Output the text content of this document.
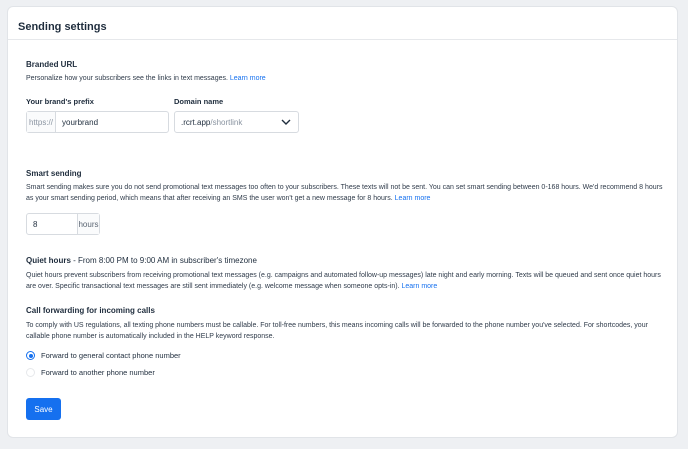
Sending settings
Branded URL
Personalize how your subscribers see the links in text messages. Learn more
Your brand's prefix
https://
yourbrand
Domain name
.rcrt.app /shortlink
Smart sending
Smart sending makes sure you do not send promotional text messages too often to your subscribers. These texts will not be sent. You can set smart sending between 0-168 hours. We'd recommend 8 hours as your smart sending period, which means that after receiving an SMS the user won't get a new message for 8 hours. Learn more
8
hours
Quiet hours - From 8:00 PM to 9:00 AM in subscriber's timezone
Quiet hours prevent subscribers from receiving promotional text messages (e.g. campaigns and automated follow-up messages) late night and early morning. Texts will be queued and sent once quiet hours are over. Specific transactional text messages are still sent immediately (e.g. welcome message when someone opts-in). Learn more
Call forwarding for incoming calls
To comply with US regulations, all texting phone numbers must be callable. For toll-free numbers, this means incoming calls will be forwarded to the phone number you've selected. For shortcodes, your callable phone number is automatically included in the HELP keyword response.
Forward to general contact phone number
Forward to another phone number
Save
